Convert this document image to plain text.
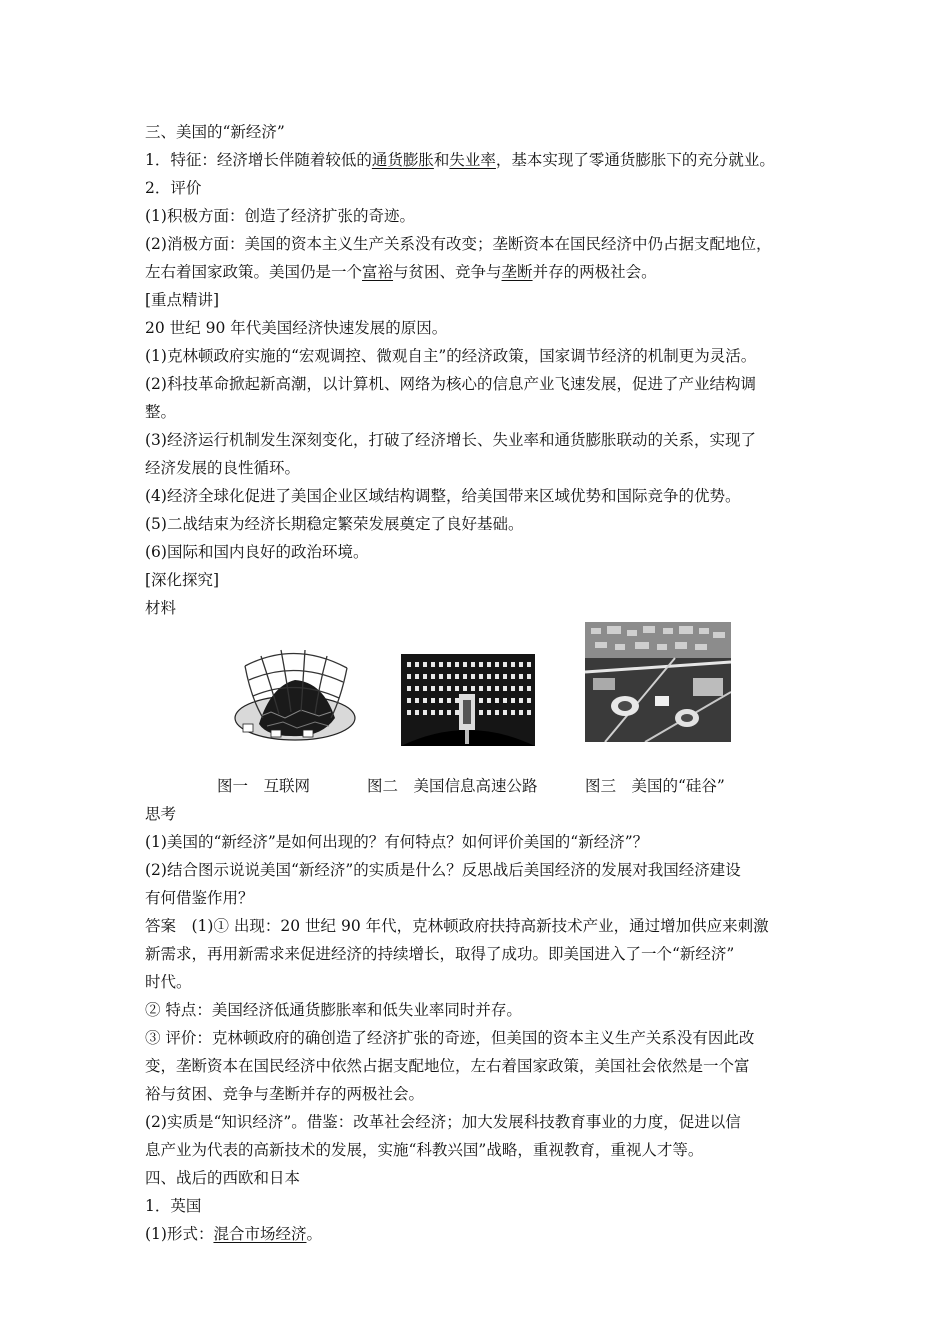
三、美国的“新经济”
1．特征：经济增长伴随着较低的通货膨胀和失业率，基本实现了零通货膨胀下的充分就业。
2．评价
(1)积极方面：创造了经济扩张的奇迹。
(2)消极方面：美国的资本主义生产关系没有改变；垄断资本在国民经济中仍占据支配地位，
左右着国家政策。美国仍是一个富裕与贫困、竞争与垄断并存的两极社会。
[重点精讲]
20 世纪 90 年代美国经济快速发展的原因。
(1)克林顿政府实施的“宏观调控、微观自主”的经济政策，国家调节经济的机制更为灵活。
(2)科技革命掀起新高潮，以计算机、网络为核心的信息产业飞速发展，促进了产业结构调
整。
(3)经济运行机制发生深刻变化，打破了经济增长、失业率和通货膨胀联动的关系，实现了
经济发展的良性循环。
(4)经济全球化促进了美国企业区域结构调整，给美国带来区域优势和国际竞争的优势。
(5)二战结束为经济长期稳定繁荣发展奠定了良好基础。
(6)国际和国内良好的政治环境。
[深化探究]
材料
图一　互联网	图二　美国信息高速公路	图三　美国的“硅谷”
思考
(1)美国的“新经济”是如何出现的？有何特点？如何评价美国的“新经济”？
(2)结合图示说说美国“新经济”的实质是什么？反思战后美国经济的发展对我国经济建设
有何借鉴作用？
答案　(1)① 出现：20 世纪 90 年代，克林顿政府扶持高新技术产业，通过增加供应来刺激
新需求，再用新需求来促进经济的持续增长，取得了成功。即美国进入了一个“新经济”
时代。
② 特点：美国经济低通货膨胀率和低失业率同时并存。
③ 评价：克林顿政府的确创造了经济扩张的奇迹，但美国的资本主义生产关系没有因此改
变，垄断资本在国民经济中依然占据支配地位，左右着国家政策，美国社会依然是一个富
裕与贫困、竞争与垄断并存的两极社会。
(2)实质是“知识经济”。借鉴：改革社会经济；加大发展科技教育事业的力度，促进以信
息产业为代表的高新技术的发展，实施“科教兴国”战略，重视教育，重视人才等。
四、战后的西欧和日本
1．英国
(1)形式：混合市场经济。
